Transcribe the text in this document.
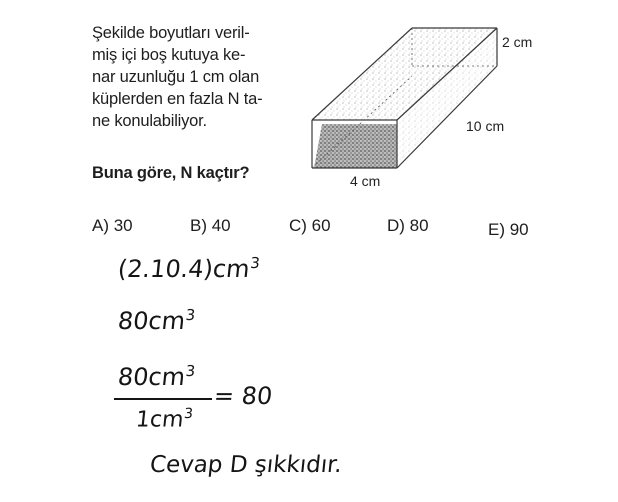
Şekilde boyutları veril-
miş içi boş kutuya ke-
nar uzunluğu 1 cm olan
küplerden en fazla N ta-
ne konulabiliyor.
Buna göre, N kaçtır?
2 cm
10 cm
4 cm
A) 30	B) 40	C) 60	D) 80	E) 90
$(2.10.4)cm^3$
$80cm^3$
$80cm^3$
$1cm^3$
= 80
Cevap D şıkkıdır.
